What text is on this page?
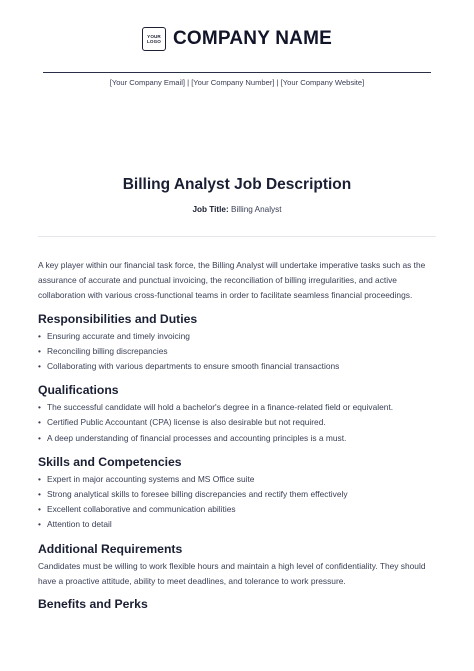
YOUR
LOGO COMPANY NAME
[Your Company Email] | [Your Company Number] | [Your Company Website]
Billing Analyst Job Description
Job Title: Billing Analyst

A key player within our financial task force, the Billing Analyst will undertake imperative tasks such as the assurance of accurate and punctual invoicing, the reconciliation of billing irregularities, and active collaboration with various cross-functional teams in order to facilitate seamless financial proceedings.

Responsibilities and Duties
• Ensuring accurate and timely invoicing
• Reconciling billing discrepancies
• Collaborating with various departments to ensure smooth financial transactions
Qualifications
• The successful candidate will hold a bachelor's degree in a finance-related field or equivalent.
• Certified Public Accountant (CPA) license is also desirable but not required.
• A deep understanding of financial processes and accounting principles is a must.
Skills and Competencies
• Expert in major accounting systems and MS Office suite
• Strong analytical skills to foresee billing discrepancies and rectify them effectively
• Excellent collaborative and communication abilities
• Attention to detail
Additional Requirements

Candidates must be willing to work flexible hours and maintain a high level of confidentiality. They should have a proactive attitude, ability to meet deadlines, and tolerance to work pressure.

Benefits and Perks
